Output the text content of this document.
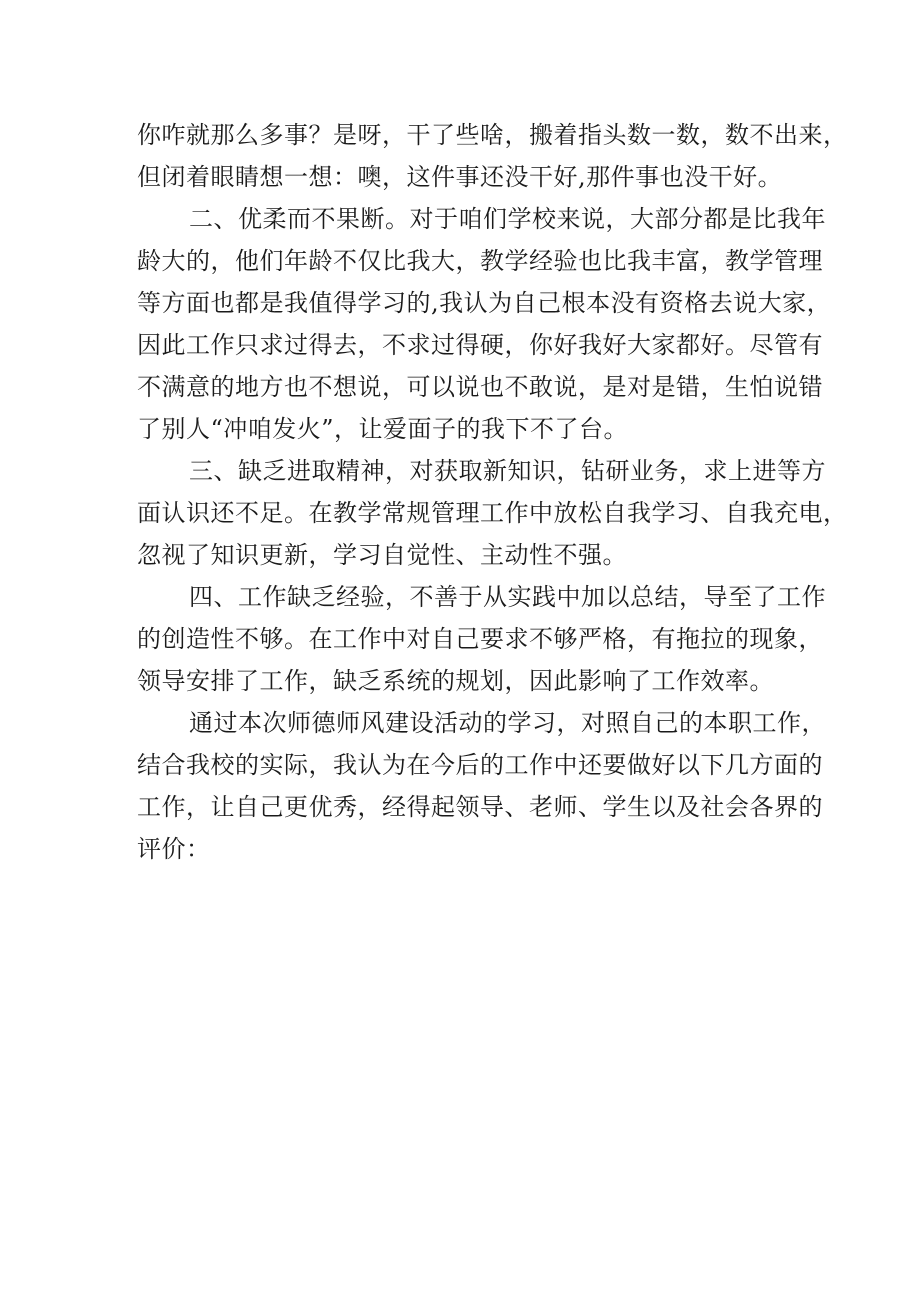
你咋就那么多事？是呀，干了些啥，搬着指头数一数，数不出来，
但闭着眼睛想一想：噢，这件事还没干好,那件事也没干好。
二、优柔而不果断。对于咱们学校来说，大部分都是比我年
龄大的，他们年龄不仅比我大，教学经验也比我丰富，教学管理
等方面也都是我值得学习的,我认为自己根本没有资格去说大家，
因此工作只求过得去，不求过得硬，你好我好大家都好。尽管有
不满意的地方也不想说，可以说也不敢说，是对是错，生怕说错
了别人“冲咱发火”，让爱面子的我下不了台。
三、缺乏进取精神，对获取新知识，钻研业务，求上进等方
面认识还不足。在教学常规管理工作中放松自我学习、自我充电，
忽视了知识更新，学习自觉性、主动性不强。
四、工作缺乏经验，不善于从实践中加以总结，导至了工作
的创造性不够。在工作中对自己要求不够严格，有拖拉的现象，
领导安排了工作，缺乏系统的规划，因此影响了工作效率。
通过本次师德师风建设活动的学习，对照自己的本职工作，
结合我校的实际，我认为在今后的工作中还要做好以下几方面的
工作，让自己更优秀，经得起领导、老师、学生以及社会各界的
评价：
